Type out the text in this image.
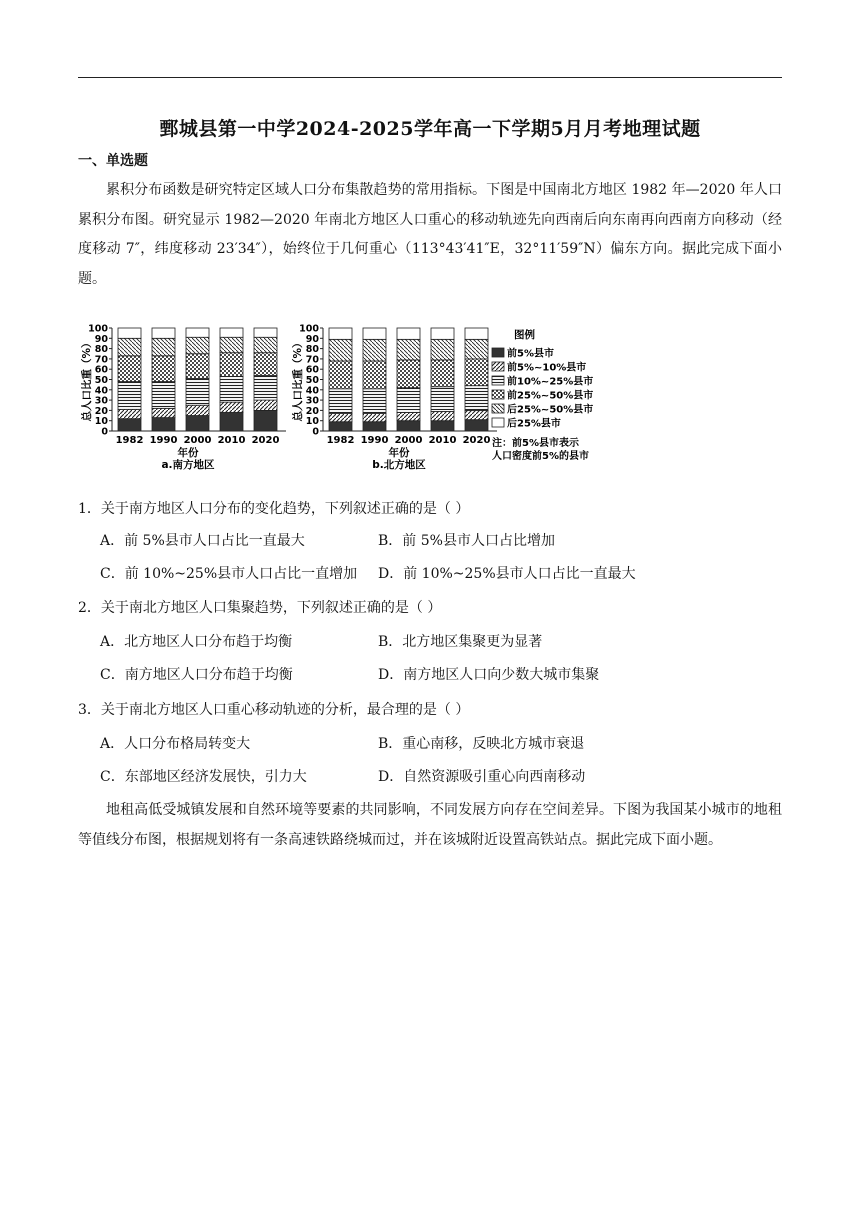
鄄城县第一中学2024-2025学年高一下学期5月月考地理试题
一、单选题
累积分布函数是研究特定区域人口分布集散趋势的常用指标。下图是中国南北方地区 1982 年—2020 年人口累积分布图。研究显示 1982—2020 年南北方地区人口重心的移动轨迹先向西南后向东南再向西南方向移动（经度移动 7″，纬度移动 23′34″），始终位于几何重心（113°43′41″E，32°11′59″N）偏东方向。据此完成下面小题。
总人口比重（%）
0
10
20
30
40
50
60
70
80
90
100
1982 1990 2000 2010 2020
年份
a.南方地区
总人口比重（%）
0
10
20
30
40
50
60
70
80
90
100
1982 1990 2000 2010 2020
年份
b.北方地区
图例
前5%县市
前5%~10%县市
前10%~25%县市
前25%~50%县市
后25%~50%县市
后25%县市
注：前5%县市表示
人口密度前5%的县市
1．关于南方地区人口分布的变化趋势，下列叙述正确的是（ ）
A．前 5%县市人口占比一直最大	B．前 5%县市人口占比增加
C．前 10%~25%县市人口占比一直增加 D．前 10%~25%县市人口占比一直最大
2．关于南北方地区人口集聚趋势，下列叙述正确的是（ ）
A．北方地区人口分布趋于均衡	B．北方地区集聚更为显著
C．南方地区人口分布趋于均衡	D．南方地区人口向少数大城市集聚
3．关于南北方地区人口重心移动轨迹的分析，最合理的是（ ）
A．人口分布格局转变大	B．重心南移，反映北方城市衰退
C．东部地区经济发展快，引力大	D．自然资源吸引重心向西南移动
地租高低受城镇发展和自然环境等要素的共同影响，不同发展方向存在空间差异。下图为我国某小城市的地租等值线分布图，根据规划将有一条高速铁路绕城而过，并在该城附近设置高铁站点。据此完成下面小题。
